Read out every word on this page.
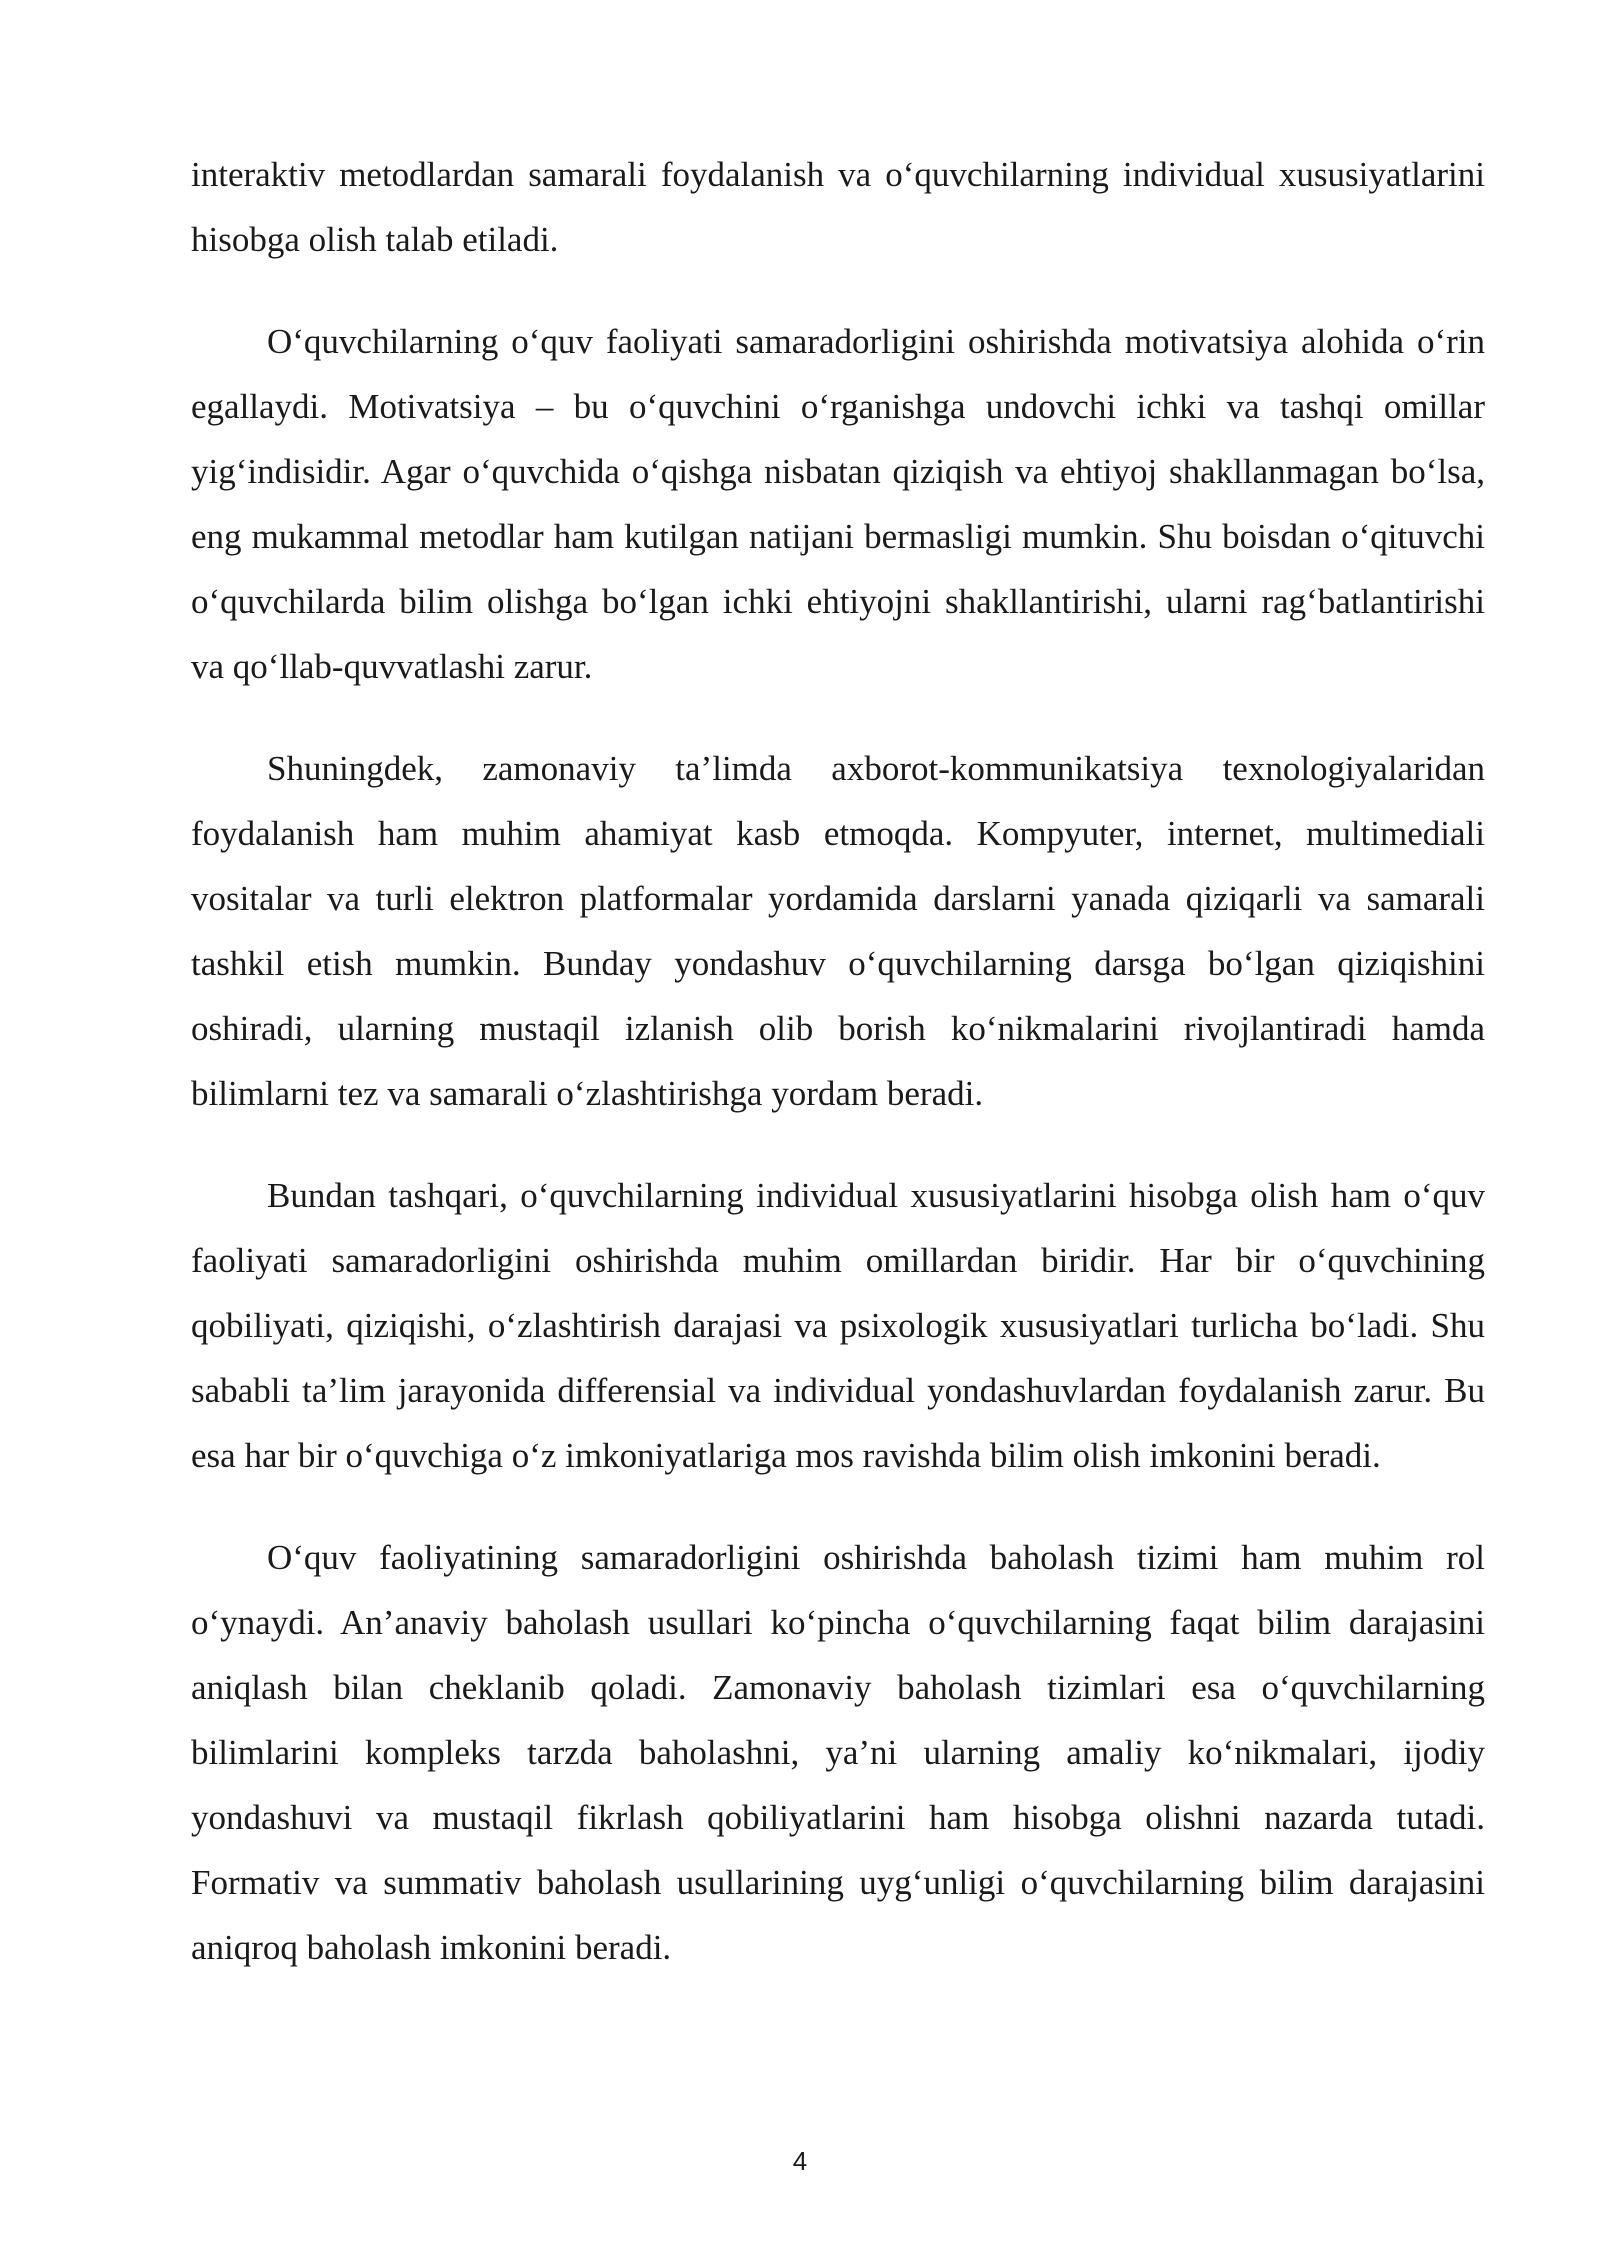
interaktiv metodlardan samarali foydalanish va o‘quvchilarning individual xususiyatlarini hisobga olish talab etiladi.

O‘quvchilarning o‘quv faoliyati samaradorligini oshirishda motivatsiya alohida o‘rin egallaydi. Motivatsiya – bu o‘quvchini o‘rganishga undovchi ichki va tashqi omillar yig‘indisidir. Agar o‘quvchida o‘qishga nisbatan qiziqish va ehtiyoj shakllanmagan bo‘lsa, eng mukammal metodlar ham kutilgan natijani bermasligi mumkin. Shu boisdan o‘qituvchi o‘quvchilarda bilim olishga bo‘lgan ichki ehtiyojni shakllantirishi, ularni rag‘batlantirishi va qo‘llab-quvvatlashi zarur.

Shuningdek, zamonaviy ta’limda axborot-kommunikatsiya texnologiyalaridan foydalanish ham muhim ahamiyat kasb etmoqda. Kompyuter, internet, multimediali vositalar va turli elektron platformalar yordamida darslarni yanada qiziqarli va samarali tashkil etish mumkin. Bunday yondashuv o‘quvchilarning darsga bo‘lgan qiziqishini oshiradi, ularning mustaqil izlanish olib borish ko‘nikmalarini rivojlantiradi hamda bilimlarni tez va samarali o‘zlashtirishga yordam beradi.

Bundan tashqari, o‘quvchilarning individual xususiyatlarini hisobga olish ham o‘quv faoliyati samaradorligini oshirishda muhim omillardan biridir. Har bir o‘quvchining qobiliyati, qiziqishi, o‘zlashtirish darajasi va psixologik xususiyatlari turlicha bo‘ladi. Shu sababli ta’lim jarayonida differensial va individual yondashuvlardan foydalanish zarur. Bu esa har bir o‘quvchiga o‘z imkoniyatlariga mos ravishda bilim olish imkonini beradi.

O‘quv faoliyatining samaradorligini oshirishda baholash tizimi ham muhim rol o‘ynaydi. An’anaviy baholash usullari ko‘pincha o‘quvchilarning faqat bilim darajasini aniqlash bilan cheklanib qoladi. Zamonaviy baholash tizimlari esa o‘quvchilarning bilimlarini kompleks tarzda baholashni, ya’ni ularning amaliy ko‘nikmalari, ijodiy yondashuvi va mustaqil fikrlash qobiliyatlarini ham hisobga olishni nazarda tutadi. Formativ va summativ baholash usullarining uyg‘unligi o‘quvchilarning bilim darajasini aniqroq baholash imkonini beradi.

4
